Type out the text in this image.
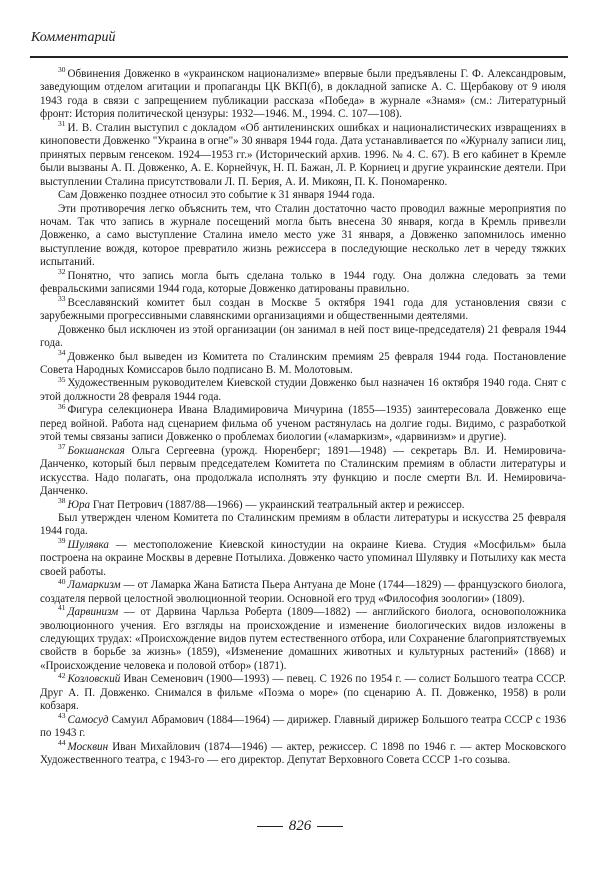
Комментарий

$^{30}$ Обвинения Довженко в «украинском национализме» впервые были предъявлены Г. Ф. Александровым, заведующим отделом агитации и пропаганды ЦК ВКП(б), в докладной записке А. С. Щербакову от 9 июля 1943 года в связи с запрещением публикации рассказа «Победа» в журнале «Знамя» (см.: Литературный фронт: История политической цензуры: 1932—1946. М., 1994. С. 107—108).

$^{31}$ И. В. Сталин выступил с докладом «Об антиленинских ошибках и националистических извращениях в киноповести Довженко "Украина в огне"» 30 января 1944 года. Дата устанавливается по «Журналу записи лиц, принятых первым генсеком. 1924—1953 гг.» (Исторический архив. 1996. № 4. С. 67). В его кабинет в Кремле были вызваны А. П. Довженко, А. Е. Корнейчук, Н. П. Бажан, Л. Р. Корниец и другие украинские деятели. При выступлении Сталина присутствовали Л. П. Берия, А. И. Микоян, П. К. Пономаренко.

Сам Довженко позднее относил это событие к 31 января 1944 года.

Эти противоречия легко объяснить тем, что Сталин достаточно часто проводил важные мероприятия по ночам. Так что запись в журнале посещений могла быть внесена 30 января, когда в Кремль привезли Довженко, а само выступление Сталина имело место уже 31 января, а Довженко запомнилось именно выступление вождя, которое превратило жизнь режиссера в последующие несколько лет в череду тяжких испытаний.

$^{32}$ Понятно, что запись могла быть сделана только в 1944 году. Она должна следовать за теми февральскими записями 1944 года, которые Довженко датированы правильно.

$^{33}$ Всеславянский комитет был создан в Москве 5 октября 1941 года для установления связи с зарубежными прогрессивными славянскими организациями и общественными деятелями.

Довженко был исключен из этой организации (он занимал в ней пост вице-председателя) 21 февраля 1944 года.

$^{34}$ Довженко был выведен из Комитета по Сталинским премиям 25 февраля 1944 года. Постановление Совета Народных Комиссаров было подписано В. М. Молотовым.

$^{35}$ Художественным руководителем Киевской студии Довженко был назначен 16 октября 1940 года. Снят с этой должности 28 февраля 1944 года.

$^{36}$ Фигура селекционера Ивана Владимировича Мичурина (1855—1935) заинтересовала Довженко еще перед войной. Работа над сценарием фильма об ученом растянулась на долгие годы. Видимо, с разработкой этой темы связаны записи Довженко о проблемах биологии («ламаркизм», «дарвинизм» и другие).

$^{37}$ Бокшанская Ольга Сергеевна (урожд. Нюренберг; 1891—1948) — секретарь Вл. И. Немировича-Данченко, который был первым председателем Комитета по Сталинским премиям в области литературы и искусства. Надо полагать, она продолжала исполнять эту функцию и после смерти Вл. И. Немировича-Данченко.

$^{38}$ Юра Гнат Петрович (1887/88—1966) — украинский театральный актер и режиссер.

Был утвержден членом Комитета по Сталинским премиям в области литературы и искусства 25 февраля 1944 года.

$^{39}$ Шулявка — местоположение Киевской киностудии на окраине Киева. Студия «Мосфильм» была построена на окраине Москвы в деревне Потылиха. Довженко часто упоминал Шулявку и Потылиху как места своей работы.

$^{40}$ Ламаркизм — от Ламарка Жана Батиста Пьера Антуана де Моне (1744—1829) — французского биолога, создателя первой целостной эволюционной теории. Основной его труд «Философия зоологии» (1809).

$^{41}$ Дарвинизм — от Дарвина Чарльза Роберта (1809—1882) — английского биолога, основоположника эволюционного учения. Его взгляды на происхождение и изменение биологических видов изложены в следующих трудах: «Происхождение видов путем естественного отбора, или Сохранение благоприятствуемых свойств в борьбе за жизнь» (1859), «Изменение домашних животных и культурных растений» (1868) и «Происхождение человека и половой отбор» (1871).

$^{42}$ Козловский Иван Семенович (1900—1993) — певец. С 1926 по 1954 г. — солист Большого театра СССР. Друг А. П. Довженко. Снимался в фильме «Поэма о море» (по сценарию А. П. Довженко, 1958) в роли кобзаря.

$^{43}$ Самосуд Самуил Абрамович (1884—1964) — дирижер. Главный дирижер Большого театра СССР с 1936 по 1943 г.

$^{44}$ Москвин Иван Михайлович (1874—1946) — актер, режиссер. С 1898 по 1946 г. — актер Московского Художественного театра, с 1943-го — его директор. Депутат Верховного Совета СССР 1-го созыва.

826
